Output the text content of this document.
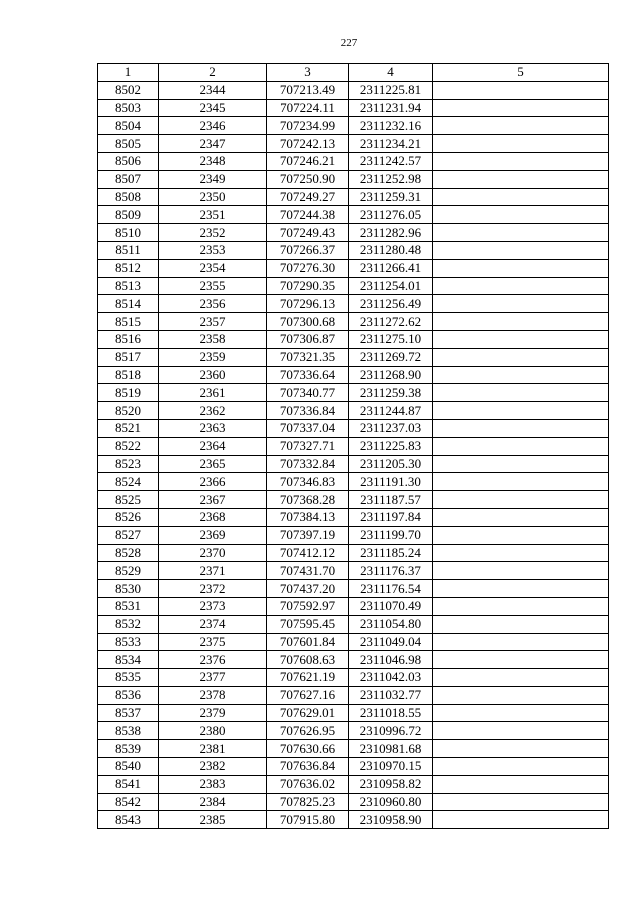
227
1	2	3	4	5
8502	2344	707213.49	2311225.81	
8503	2345	707224.11	2311231.94	
8504	2346	707234.99	2311232.16	
8505	2347	707242.13	2311234.21	
8506	2348	707246.21	2311242.57	
8507	2349	707250.90	2311252.98	
8508	2350	707249.27	2311259.31	
8509	2351	707244.38	2311276.05	
8510	2352	707249.43	2311282.96	
8511	2353	707266.37	2311280.48	
8512	2354	707276.30	2311266.41	
8513	2355	707290.35	2311254.01	
8514	2356	707296.13	2311256.49	
8515	2357	707300.68	2311272.62	
8516	2358	707306.87	2311275.10	
8517	2359	707321.35	2311269.72	
8518	2360	707336.64	2311268.90	
8519	2361	707340.77	2311259.38	
8520	2362	707336.84	2311244.87	
8521	2363	707337.04	2311237.03	
8522	2364	707327.71	2311225.83	
8523	2365	707332.84	2311205.30	
8524	2366	707346.83	2311191.30	
8525	2367	707368.28	2311187.57	
8526	2368	707384.13	2311197.84	
8527	2369	707397.19	2311199.70	
8528	2370	707412.12	2311185.24	
8529	2371	707431.70	2311176.37	
8530	2372	707437.20	2311176.54	
8531	2373	707592.97	2311070.49	
8532	2374	707595.45	2311054.80	
8533	2375	707601.84	2311049.04	
8534	2376	707608.63	2311046.98	
8535	2377	707621.19	2311042.03	
8536	2378	707627.16	2311032.77	
8537	2379	707629.01	2311018.55	
8538	2380	707626.95	2310996.72	
8539	2381	707630.66	2310981.68	
8540	2382	707636.84	2310970.15	
8541	2383	707636.02	2310958.82	
8542	2384	707825.23	2310960.80	
8543	2385	707915.80	2310958.90	
